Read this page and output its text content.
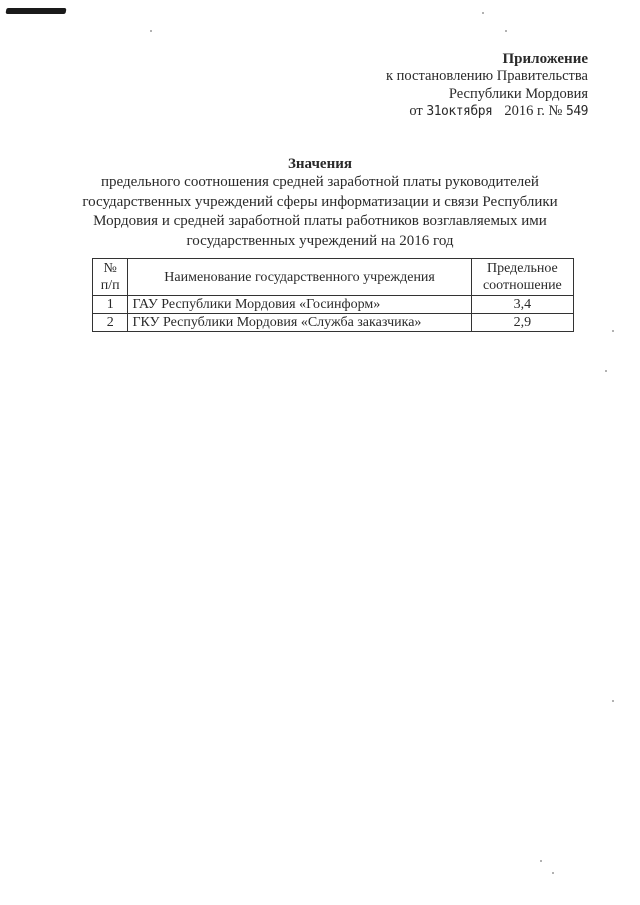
Приложение

к постановлению Правительства

Республики Мордовия

от 31октября 2016 г. № 549

Значения

предельного соотношения средней заработной платы руководителей

государственных учреждений сферы информатизации и связи Республики

Мордовия и средней заработной платы работников возглавляемых ими

государственных учреждений на 2016 год

№ п/п	Наименование государственного учреждения	Предельное соотношение
1	ГАУ Республики Мордовия «Госинформ»	3,4
2	ГКУ Республики Мордовия «Служба заказчика»	2,9
